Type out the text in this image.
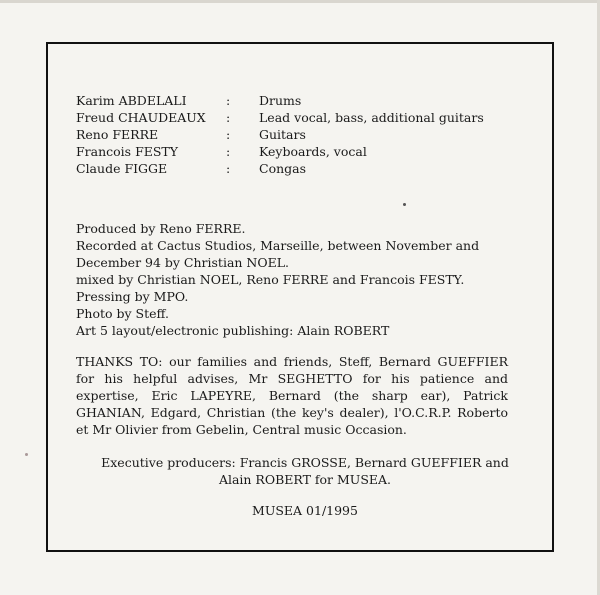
Karim ABDELALI	: Drums
Freud CHAUDEAUX : Lead vocal, bass, additional guitars
Reno FERRE	: Guitars
Francois FESTY	: Keyboards, vocal
Claude FIGGE	: Congas

Produced by Reno FERRE.

Recorded at Cactus Studios, Marseille, between November and

December 94 by Christian NOEL.

mixed by Christian NOEL, Reno FERRE and Francois FESTY.

Pressing by MPO.

Photo by Steff.

Art 5 layout/electronic publishing: Alain ROBERT

THANKS TO: our families and friends, Steff, Bernard GUEFFIER for his helpful advises, Mr SEGHETTO for his patience and expertise, Eric LAPEYRE, Bernard (the sharp ear), Patrick GHANIAN, Edgard, Christian (the key's dealer), l'O.C.R.P. Roberto et Mr Olivier from Gebelin, Central music Occasion.

Executive producers: Francis GROSSE, Bernard GUEFFIER and

Alain ROBERT for MUSEA.

MUSEA 01/1995
